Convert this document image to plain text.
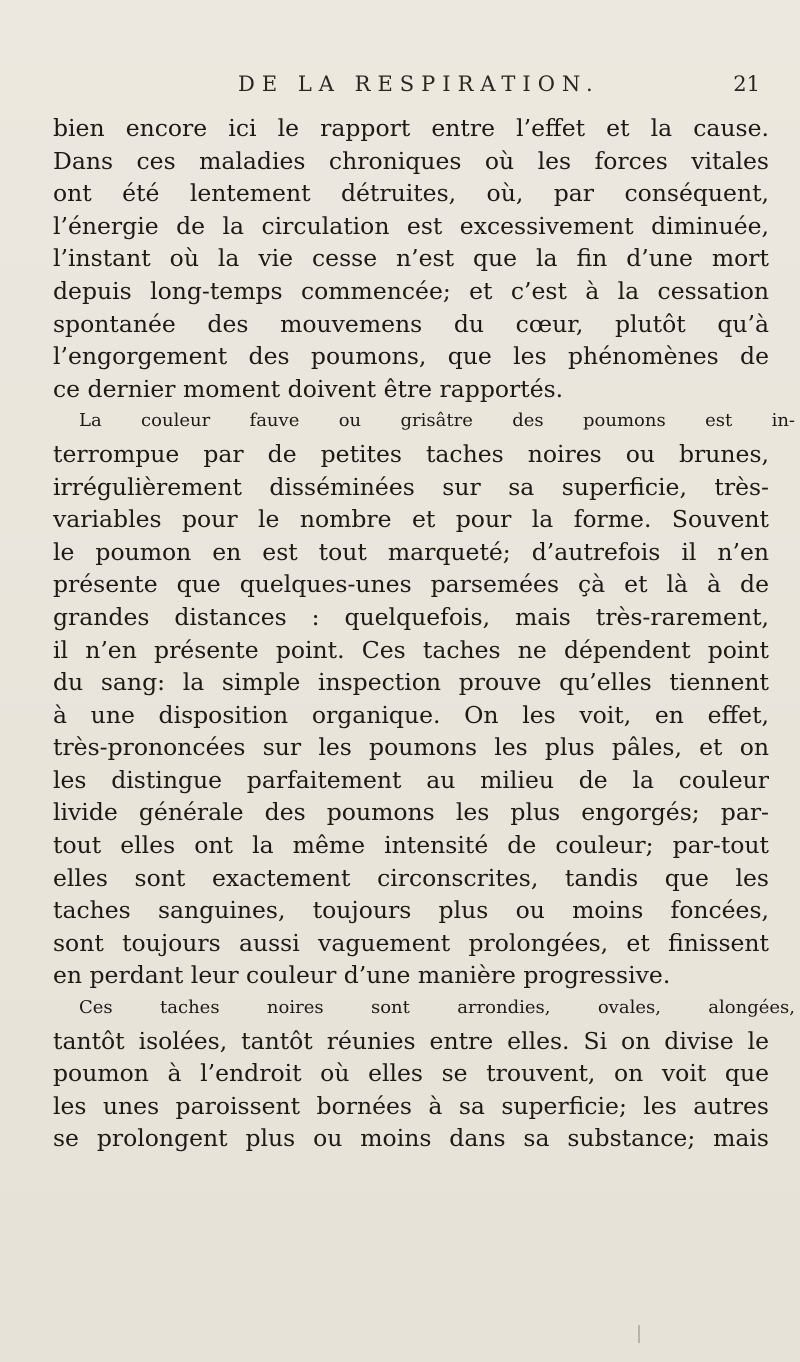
DE LA RESPIRATION.	21
bien encore ici le rapport entre l’effet et la cause.
Dans ces maladies chroniques où les forces vitales
ont été lentement détruites, où, par conséquent,
l’énergie de la circulation est excessivement diminuée,
l’instant où la vie cesse n’est que la fin d’une mort
depuis long-temps commencée; et c’est à la cessation
spontanée des mouvemens du cœur, plutôt qu’à
l’engorgement des poumons, que les phénomènes de
ce dernier moment doivent être rapportés.
La couleur fauve ou grisâtre des poumons est in-
terrompue par de petites taches noires ou brunes,
irrégulièrement disséminées sur sa superficie, très-
variables pour le nombre et pour la forme. Souvent
le poumon en est tout marqueté; d’autrefois il n’en
présente que quelques-unes parsemées çà et là à de
grandes distances : quelquefois, mais très-rarement,
il n’en présente point. Ces taches ne dépendent point
du sang: la simple inspection prouve qu’elles tiennent
à une disposition organique. On les voit, en effet,
très-prononcées sur les poumons les plus pâles, et on
les distingue parfaitement au milieu de la couleur
livide générale des poumons les plus engorgés; par-
tout elles ont la même intensité de couleur; par-tout
elles sont exactement circonscrites, tandis que les
taches sanguines, toujours plus ou moins foncées,
sont toujours aussi vaguement prolongées, et finissent
en perdant leur couleur d’une manière progressive.
Ces taches noires sont arrondies, ovales, alongées,
tantôt isolées, tantôt réunies entre elles. Si on divise le
poumon à l’endroit où elles se trouvent, on voit que
les unes paroissent bornées à sa superficie; les autres
se prolongent plus ou moins dans sa substance; mais
